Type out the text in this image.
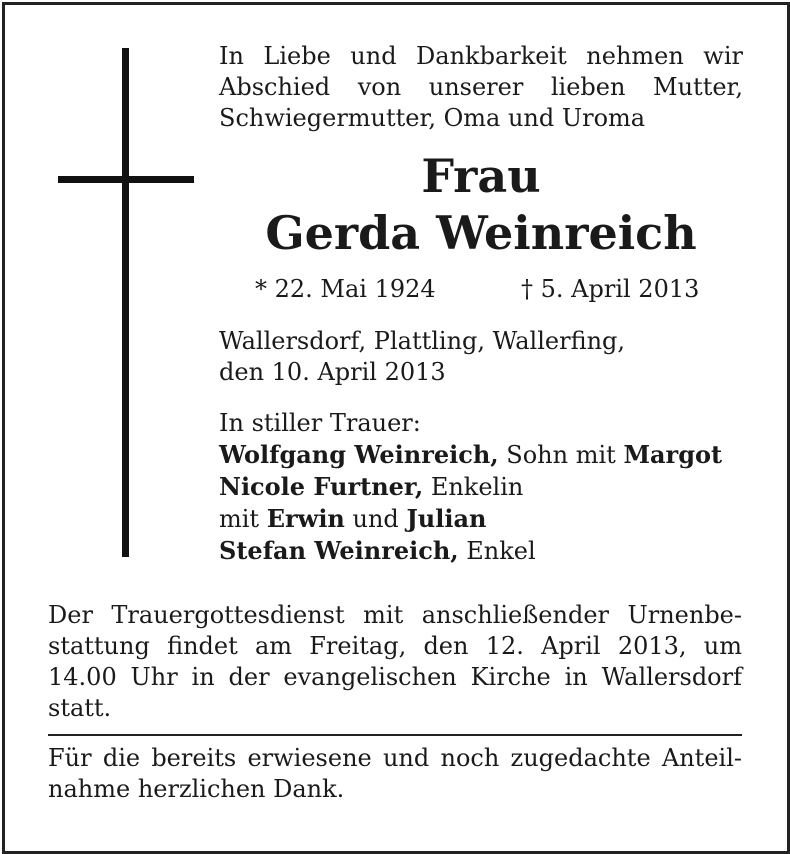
In Liebe und Dankbarkeit nehmen wir
Abschied von unserer lieben Mutter,
Schwiegermutter, Oma und Uroma
Frau
Gerda Weinreich
* 22. Mai 1924	† 5. April 2013
Wallersdorf, Plattling, Wallerfing,
den 10. April 2013
In stiller Trauer:
Wolfgang Weinreich, Sohn mit Margot
Nicole Furtner, Enkelin
mit Erwin und Julian
Stefan Weinreich, Enkel
Der Trauergottesdienst mit anschließender Urnenbe-
stattung findet am Freitag, den 12. April 2013, um
14.00 Uhr in der evangelischen Kirche in Wallersdorf
statt.
Für die bereits erwiesene und noch zugedachte Anteil-
nahme herzlichen Dank.
